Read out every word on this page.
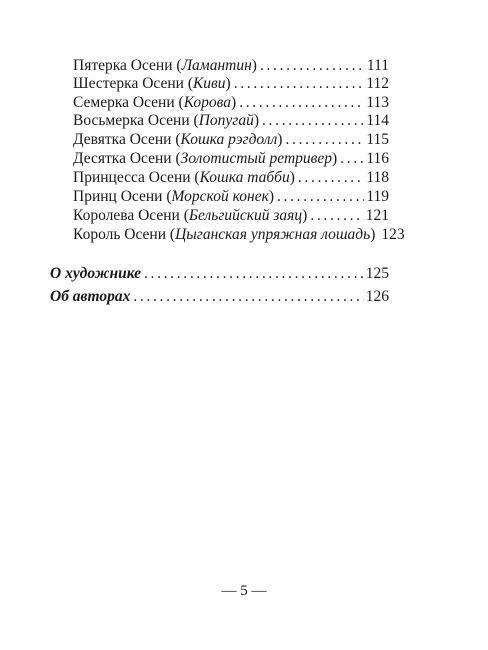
Пятерка Осени (Ламантин) . . .	111
Шестерка Осени (Киви) . . .	112
Семерка Осени (Корова) . . .	113
Восьмерка Осени (Попугай) . . .	114
Девятка Осени (Кошка рэгдолл) . . .	115
Десятка Осени (Золотистый ретривер) . . . 116
Принцесса Осени (Кошка табби) . . .	118
Принц Осени (Морской конек) . . .	119
Королева Осени (Бельгийский заяц) . . .	121
Король Осени (Цыганская упряжная лошадь) 123
О художнике . . .	125
Об авторах . . .	126
— 5 —
